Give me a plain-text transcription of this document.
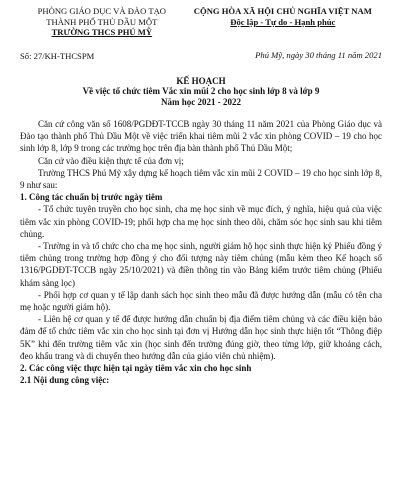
PHÒNG GIÁO DỤC VÀ ĐÀO TẠO
THÀNH PHỐ THỦ DẦU MỘT
TRƯỜNG THCS PHÚ MỸ
CỘNG HÒA XÃ HỘI CHỦ NGHĨA VIỆT NAM
Độc lập - Tự do - Hạnh phúc
Số: 27/KH-THCSPM	Phú Mỹ, ngày 30 tháng 11 năm 2021
KẾ HOẠCH
Về việc tổ chức tiêm Vắc xin mũi 2 cho học sinh lớp 8 và lớp 9
Năm học 2021 - 2022

Căn cứ công văn số 1608/PGDĐT-TCCB ngày 30 tháng 11 năm 2021 của Phòng Giáo dục và Đào tạo thành phố Thủ Dầu Một về việc triển khai tiêm mũi 2 vắc xin phòng COVID – 19 cho học sinh lớp 8, lớp 9 trong các trường học trên địa bàn thành phố Thủ Dầu Một;

Căn cứ vào điều kiện thực tế của đơn vị;

Trường THCS Phú Mỹ xây dựng kế hoạch tiêm vắc xin mũi 2 COVID – 19 cho học sinh lớp 8, 9 như sau:

1. Công tác chuẩn bị trước ngày tiêm

- Tổ chức tuyên truyền cho học sinh, cha mẹ học sinh về mục đích, ý nghĩa, hiệu quả của việc tiêm vắc xin phòng COVID-19; phối hợp cha mẹ học sinh theo dõi, chăm sóc học sinh sau khi tiêm chủng.

- Trường in và tổ chức cho cha mẹ học sinh, người giám hộ học sinh thực hiện ký Phiếu đồng ý tiêm chủng trong trường hợp đồng ý cho đối tượng này tiêm chủng (mẫu kèm theo Kế hoạch số 1316/PGDĐT-TCCB ngày 25/10/2021) và điền thông tin vào Bảng kiểm trước tiêm chủng (Phiếu khám sàng lọc)

- Phối hợp cơ quan y tế lập danh sách học sinh theo mẫu đã được hướng dẫn (mẫu có tên cha mẹ hoặc người giám hộ).

- Liên hệ cơ quan y tế để được hướng dẫn chuẩn bị địa điểm tiêm chủng và các điều kiện bảo đảm để tổ chức tiêm vắc xin cho học sinh tại đơn vị Hướng dẫn học sinh thực hiện tốt “Thông điệp 5K” khi đến trường tiêm vắc xin (học sinh đến trường đúng giờ, theo từng lớp, giữ khoảng cách, đeo khẩu trang và di chuyển theo hướng dẫn của giáo viên chủ nhiệm).

2. Các công việc thực hiện tại ngày tiêm vắc xin cho học sinh

2.1 Nội dung công việc:
